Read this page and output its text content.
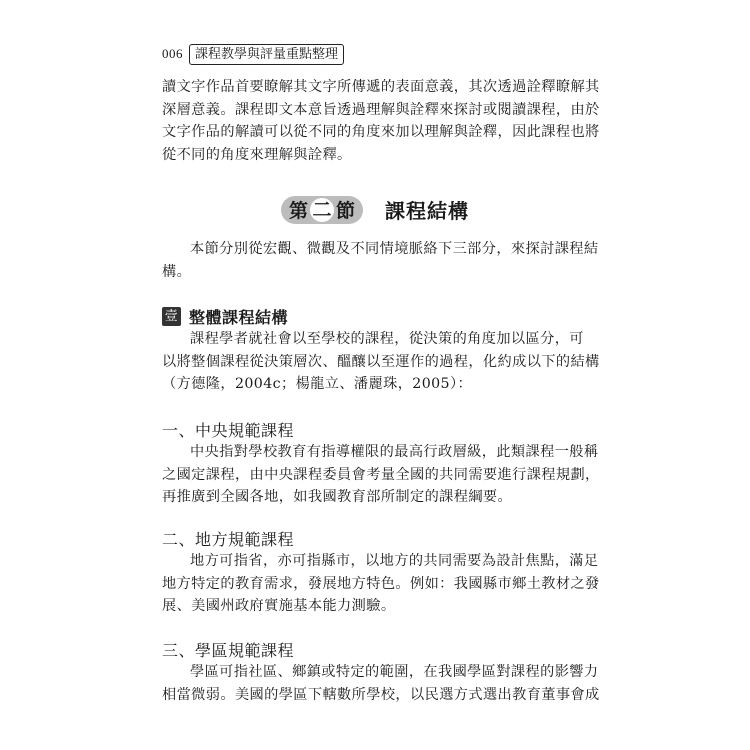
006 課程教學與評量重點整理
讀文字作品首要瞭解其文字所傳遞的表面意義，其次透過詮釋瞭解其
深層意義。課程即文本意旨透過理解與詮釋來探討或閱讀課程，由於
文字作品的解讀可以從不同的角度來加以理解與詮釋，因此課程也將
從不同的角度來理解與詮釋。
第 二 節 課程結構
本節分別從宏觀、微觀及不同情境脈絡下三部分，來探討課程結
構。
壹 整體課程結構
課程學者就社會以至學校的課程，從決策的角度加以區分，可
以將整個課程從決策層次、醞釀以至運作的過程，化約成以下的結構
（方德隆，2004c；楊龍立、潘麗珠，2005）：
一、中央規範課程
中央指對學校教育有指導權限的最高行政層級，此類課程一般稱
之國定課程，由中央課程委員會考量全國的共同需要進行課程規劃，
再推廣到全國各地，如我國教育部所制定的課程綱要。
二、地方規範課程
地方可指省，亦可指縣市，以地方的共同需要為設計焦點，滿足
地方特定的教育需求，發展地方特色。例如：我國縣市鄉土教材之發
展、美國州政府實施基本能力測驗。
三、學區規範課程
學區可指社區、鄉鎮或特定的範圍，在我國學區對課程的影響力
相當微弱。美國的學區下轄數所學校，以民選方式選出教育董事會成
